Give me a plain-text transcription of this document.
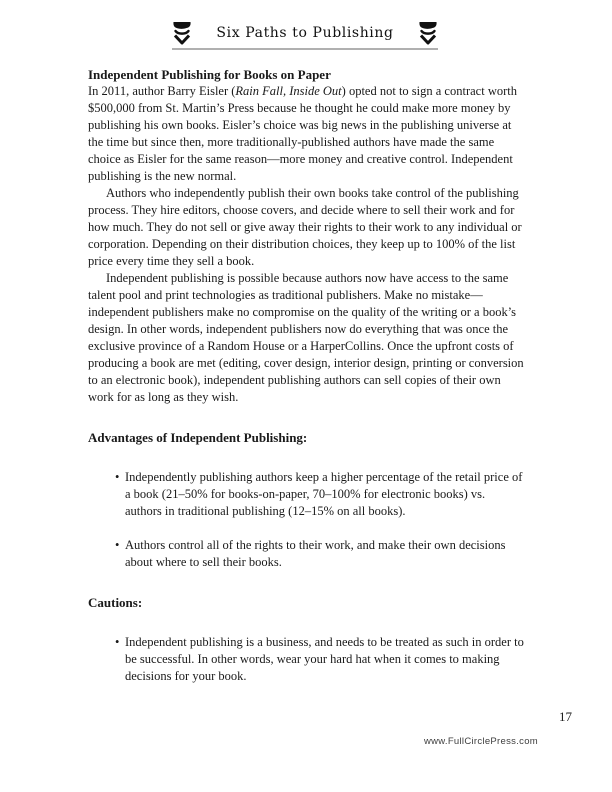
Six Paths to Publishing
Independent Publishing for Books on Paper

In 2011, author Barry Eisler (Rain Fall, Inside Out) opted not to sign a contract worth $500,000 from St. Martin’s Press because he thought he could make more money by publishing his own books. Eisler’s choice was big news in the publishing universe at the time but since then, more traditionally-published authors have made the same choice as Eisler for the same reason—more money and creative control. Independent publishing is the new normal.

Authors who independently publish their own books take control of the publishing process. They hire editors, choose covers, and decide where to sell their work and for how much. They do not sell or give away their rights to their work to any individual or corporation. Depending on their distribution choices, they keep up to 100% of the list price every time they sell a book.

Independent publishing is possible because authors now have access to the same talent pool and print technologies as traditional publishers. Make no mistake—independent publishers make no compromise on the quality of the writing or a book’s design. In other words, independent publishers now do everything that was once the exclusive province of a Random House or a HarperCollins. Once the upfront costs of producing a book are met (editing, cover design, interior design, printing or conversion to an electronic book), independent publishing authors can sell copies of their own work for as long as they wish.

Advantages of Independent Publishing:
• Independently publishing authors keep a higher percentage of the retail price of a book (21–50% for books-on-paper, 70–100% for electronic books) vs. authors in traditional publishing (12–15% on all books).
• Authors control all of the rights to their work, and make their own decisions about where to sell their books.
Cautions:
• Independent publishing is a business, and needs to be treated as such in order to be successful. In other words, wear your hard hat when it comes to making decisions for your book.
17
www.FullCirclePress.com
